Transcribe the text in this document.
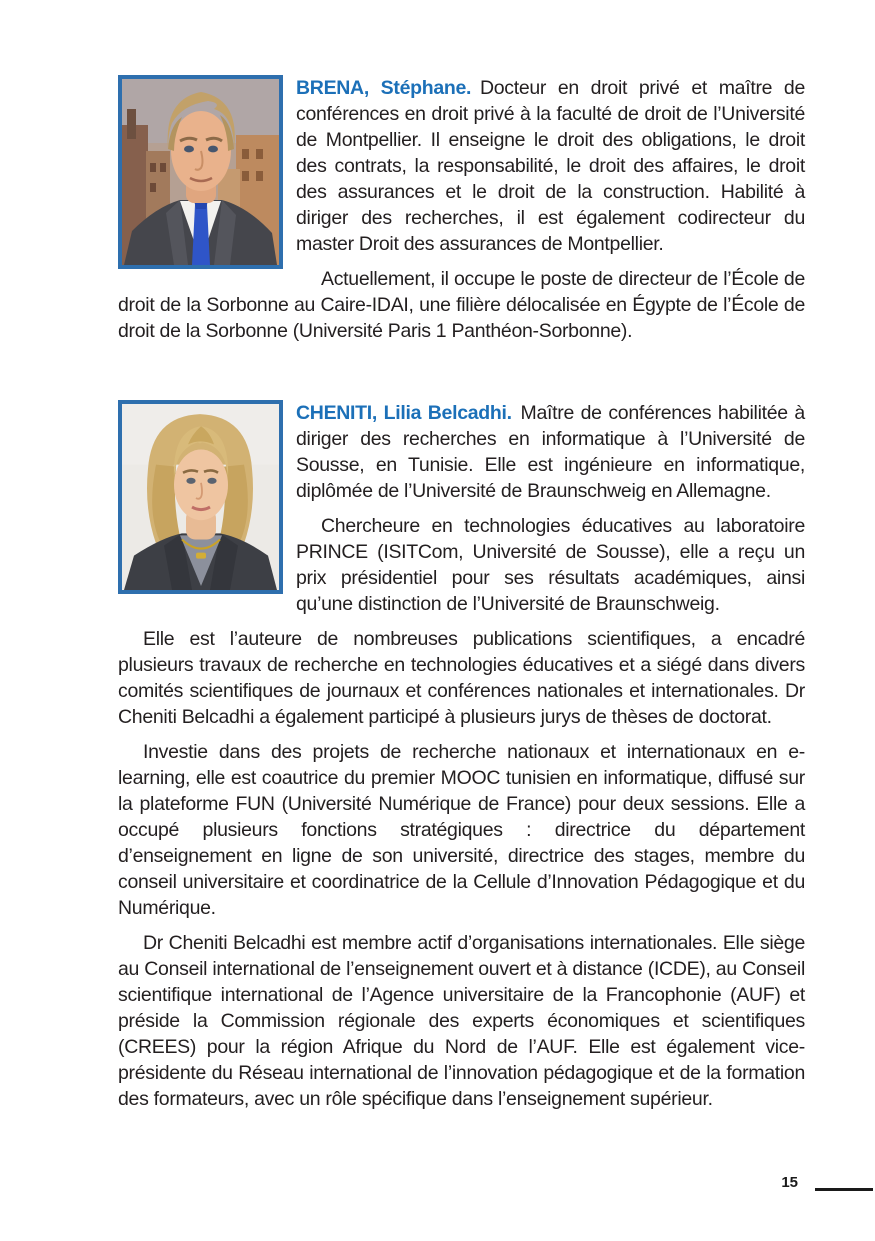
BRENA, Stéphane. Docteur en droit privé et maître de conférences en droit privé à la faculté de droit de l’Université de Montpellier. Il enseigne le droit des obligations, le droit des contrats, la responsabilité, le droit des affaires, le droit des assurances et le droit de la construction. Habilité à diriger des recherches, il est également codirecteur du master Droit des assurances de Montpellier.

Actuellement, il occupe le poste de directeur de l’École de droit de la Sorbonne au Caire-IDAI, une filière délocalisée en Égypte de l’École de droit de la Sorbonne (Université Paris 1 Panthéon-Sorbonne).

CHENITI, Lilia Belcadhi. Maître de conférences habilitée à diriger des recherches en informatique à l’Université de Sousse, en Tunisie. Elle est ingénieure en informatique, diplômée de l’Université de Braunschweig en Allemagne.

Chercheure en technologies éducatives au laboratoire PRINCE (ISITCom, Université de Sousse), elle a reçu un prix présidentiel pour ses résultats académiques, ainsi qu’une distinction de l’Université de Braunschweig.

Elle est l’auteure de nombreuses publications scientifiques, a encadré plusieurs travaux de recherche en technologies éducatives et a siégé dans divers comités scientifiques de journaux et conférences nationales et internationales. Dr Cheniti Belcadhi a également participé à plusieurs jurys de thèses de doctorat.

Investie dans des projets de recherche nationaux et internationaux en e-learning, elle est coautrice du premier MOOC tunisien en informatique, diffusé sur la plateforme FUN (Université Numérique de France) pour deux sessions. Elle a occupé plusieurs fonctions stratégiques : directrice du département d’enseignement en ligne de son université, directrice des stages, membre du conseil universitaire et coordinatrice de la Cellule d’Innovation Pédagogique et du Numérique.

Dr Cheniti Belcadhi est membre actif d’organisations internationales. Elle siège au Conseil international de l’enseignement ouvert et à distance (ICDE), au Conseil scientifique international de l’Agence universitaire de la Francophonie (AUF) et préside la Commission régionale des experts économiques et scientifiques (CREES) pour la région Afrique du Nord de l’AUF. Elle est également vice-présidente du Réseau international de l’innovation pédagogique et de la formation des formateurs, avec un rôle spécifique dans l’enseignement supérieur.

15
